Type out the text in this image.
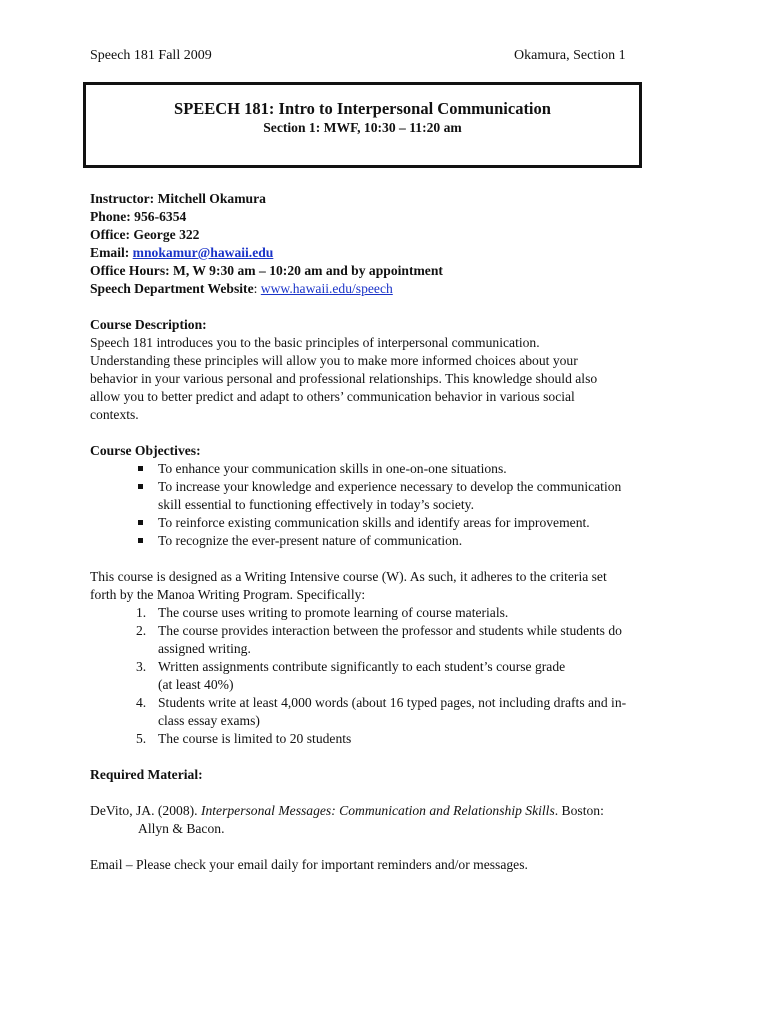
Speech 181 Fall 2009	Okamura, Section 1
SPEECH 181: Intro to Interpersonal Communication
Section 1: MWF, 10:30 – 11:20 am
Instructor: Mitchell Okamura
Phone: 956-6354
Office: George 322
Email: mnokamur@hawaii.edu
Office Hours: M, W 9:30 am – 10:20 am and by appointment
Speech Department Website: www.hawaii.edu/speech
Course Description:
Speech 181 introduces you to the basic principles of interpersonal communication.
Understanding these principles will allow you to make more informed choices about your
behavior in your various personal and professional relationships. This knowledge should also
allow you to better predict and adapt to others’ communication behavior in various social
contexts.
Course Objectives:
To enhance your communication skills in one-on-one situations.
To increase your knowledge and experience necessary to develop the communication
skill essential to functioning effectively in today’s society.
To reinforce existing communication skills and identify areas for improvement.
To recognize the ever-present nature of communication.
This course is designed as a Writing Intensive course (W). As such, it adheres to the criteria set
forth by the Manoa Writing Program. Specifically:
1. The course uses writing to promote learning of course materials.
2. The course provides interaction between the professor and students while students do
assigned writing.
3. Written assignments contribute significantly to each student’s course grade
(at least 40%)
4. Students write at least 4,000 words (about 16 typed pages, not including drafts and in-
class essay exams)
5. The course is limited to 20 students
Required Material:
DeVito, JA. (2008). Interpersonal Messages: Communication and Relationship Skills. Boston:
Allyn & Bacon.
Email – Please check your email daily for important reminders and/or messages.
